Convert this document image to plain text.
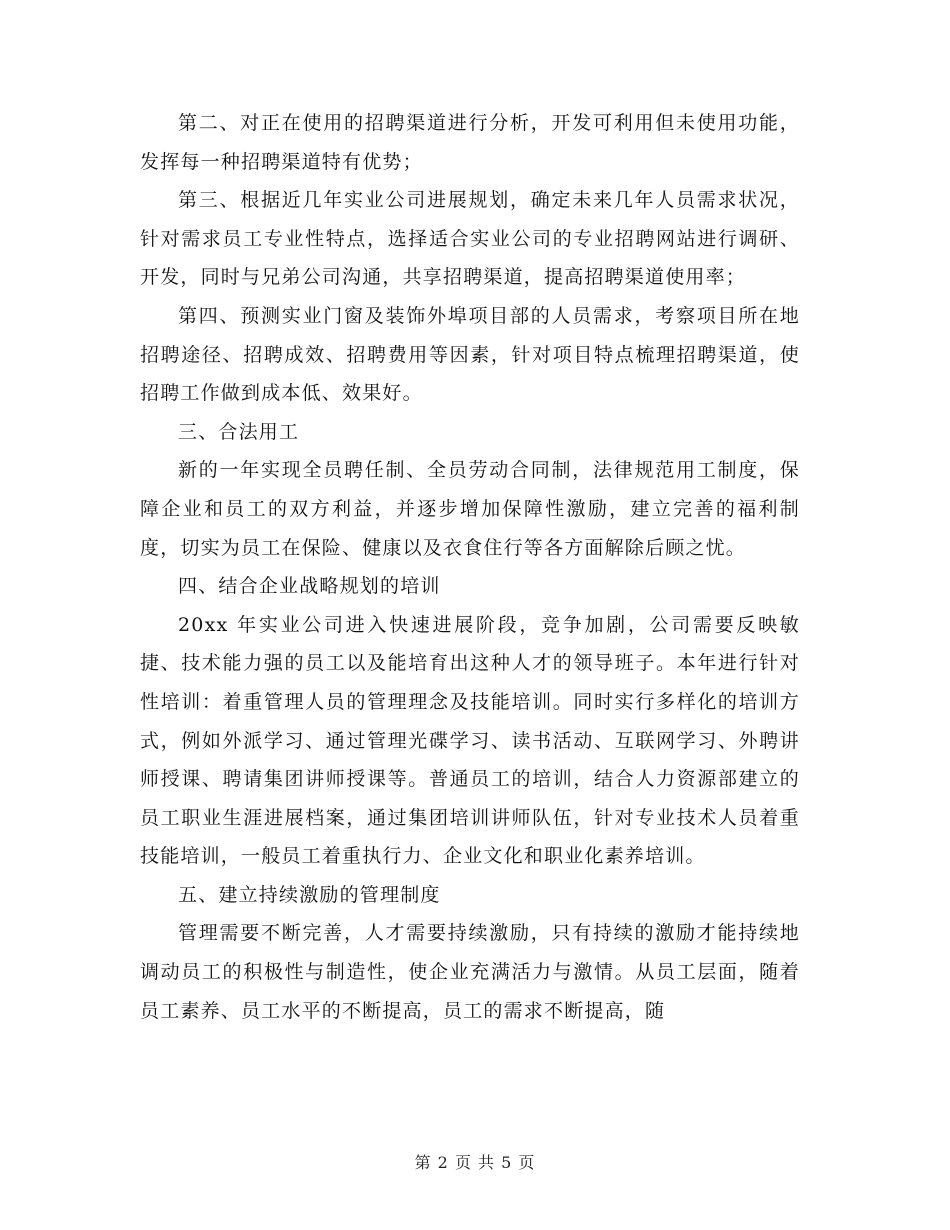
第二、对正在使用的招聘渠道进行分析，开发可利用但未使用功能，发挥每一种招聘渠道特有优势；

第三、根据近几年实业公司进展规划，确定未来几年人员需求状况，针对需求员工专业性特点，选择适合实业公司的专业招聘网站进行调研、开发，同时与兄弟公司沟通，共享招聘渠道，提高招聘渠道使用率；

第四、预测实业门窗及装饰外埠项目部的人员需求，考察项目所在地招聘途径、招聘成效、招聘费用等因素，针对项目特点梳理招聘渠道，使招聘工作做到成本低、效果好。

三、合法用工

新的一年实现全员聘任制、全员劳动合同制，法律规范用工制度，保障企业和员工的双方利益，并逐步增加保障性激励，建立完善的福利制度，切实为员工在保险、健康以及衣食住行等各方面解除后顾之忧。

四、结合企业战略规划的培训

20xx 年实业公司进入快速进展阶段，竞争加剧，公司需要反映敏捷、技术能力强的员工以及能培育出这种人才的领导班子。本年进行针对性培训：着重管理人员的管理理念及技能培训。同时实行多样化的培训方式，例如外派学习、通过管理光碟学习、读书活动、互联网学习、外聘讲师授课、聘请集团讲师授课等。普通员工的培训，结合人力资源部建立的员工职业生涯进展档案，通过集团培训讲师队伍，针对专业技术人员着重技能培训，一般员工着重执行力、企业文化和职业化素养培训。

五、建立持续激励的管理制度

管理需要不断完善，人才需要持续激励，只有持续的激励才能持续地调动员工的积极性与制造性，使企业充满活力与激情。从员工层面，随着员工素养、员工水平的不断提高，员工的需求不断提高，随

第 2 页 共 5 页
